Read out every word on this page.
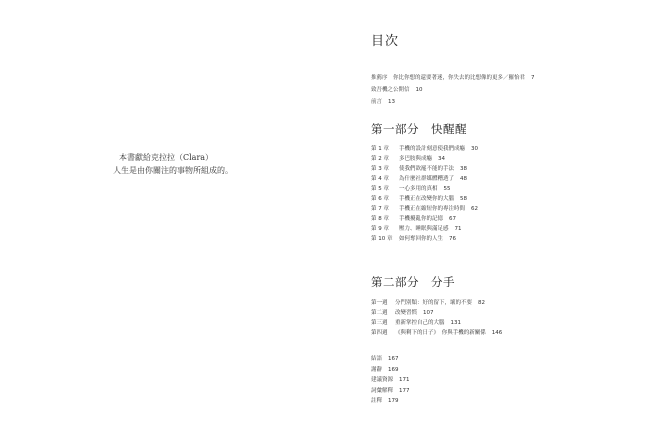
本書獻給克拉拉（Clara）
人生是由你關注的事物所組成的。
目次
推薦序　你比你想的還要著迷，你失去的比想像的更多／羅怡君 7
致吾機之公開信 10
前言 13
第一部分 快醒醒
第 1 章 手機的設計刻意使我們成癮 30
第 2 章 多巴胺與成癮 34
第 3 章 使我們欲罷不能的手法 38
第 4 章 為什麼社群媒體糟透了 48
第 5 章 一心多用的真相 55
第 6 章 手機正在改變你的大腦 58
第 7 章 手機正在縮短你的專注時間 62
第 8 章 手機擾亂你的記憶 67
第 9 章 壓力、睡眠與滿足感 71
第 10 章 如何奪回你的人生 76
第二部分 分手
第一週 分門別類：好的留下，壞的不要 82
第二週 改變習慣 107
第三週 重新掌控自己的大腦 131
第四週 《與剩下的日子》　你與手機的新關係 146
結語 167
謝辭 169
建議資源 171
詞彙解釋 177
註釋 179
